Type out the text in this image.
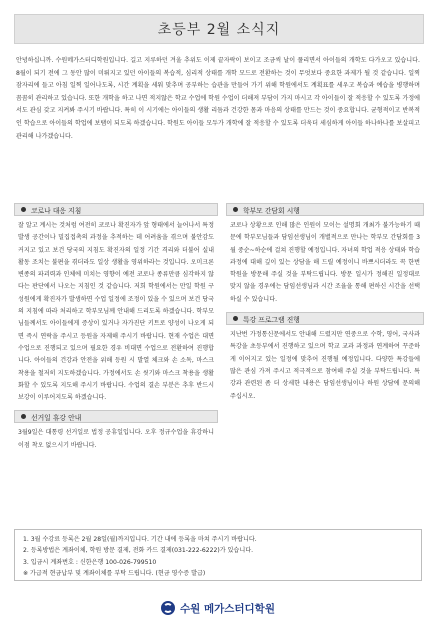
초등부 2월 소식지

안녕하십니까. 수원메가스터디학원입니다. 길고 지루하던 겨울 추위도 이제 끝자락이 보이고 조금씩 날이 풀리면서 아이들의 개학도 다가오고 있습니다. 8월이 되기 전에 그 동안 많이 미뤄지고 있던 아이들의 복습적, 심리적 상태를 개학 모드로 전환하는 것이 무엇보다 중요한 과제가 될 것 같습니다. 일찍 잠자리에 들고 아침 일찍 일어나도록, 시간 계획을 세워 맞추며 공부하는 습관을 만들어 가기 위해 학원에서도 계획표를 세우고 복습과 예습을 병행하며 꼼꼼히 관리하고 있습니다. 또한 개학을 하고 나면 적지않은 학교 수업에 학원 수업이 더해져 부담이 가지 마시고 각 아이들이 잘 적응할 수 있도록 가정에서도 관심 갖고 지켜봐 주시기 바랍니다. 특히 이 시기에는 아이들의 생활 리듬과 건강한 몸과 마음의 상태를 만드는 것이 중요합니다. 균형적이고 반복적인 학습으로 아이들의 학업에 보탬이 되도록 하겠습니다. 학원도 아이들 모두가 개학에 잘 적응할 수 있도록 더욱더 세심하게 아이들 하나하나를 보살피고 관리해 나가겠습니다.

코로나 대응 지침

잘 알고 계시는 것처럼 여전히 코로나 확진자가 앞 형태에서 늘어나서 특정 발생 공간이나 밀집접촉의 과정을 추적하는 데 어려움을 겪으며 불안감도 커지고 있고 보건 당국의 지침도 확진자의 일정 기간 격리와 더불어 실내 활동 조치는 불편을 겪더라도 일상 생활을 영위하라는 것입니다. 오미크론 변종의 파괴력과 인체에 미치는 영향이 예전 코로나 종류만큼 심각하지 않다는 판단에서 나오는 지침인 것 같습니다. 저희 학원에서는 만일 학원 구성원에게 확진자가 발생하면 수업 일정에 조정이 있을 수 있으며 보건 당국의 지침에 따라 처리하고 학부모님께 안내해 드리도록 하겠습니다. 학부모님들께서도 아이들에게 증상이 있거나 자가진단 키트로 양성이 나오게 되면 즉시 연락을 주시고 등원을 자제해 주시기 바랍니다. 현재 수업은 대면 수업으로 진행되고 있으며 필요한 경우 비대면 수업으로 전환하여 진행합니다. 아이들의 건강과 안전을 위해 등원 시 발열 체크와 손 소독, 마스크 착용을 철저히 지도하겠습니다. 가정에서도 손 씻기와 마스크 착용을 생활화할 수 있도록 지도해 주시기 바랍니다. 수업의 결손 부분은 추후 반드시 보강이 이루어지도록 하겠습니다.

선거일 휴강 안내

3월9일은 대통령 선거일로 법정 공휴일입니다. 오후 정규수업을 휴강하니 이점 착오 없으시기 바랍니다.

학부모 간담회 시행

코로나 상황으로 인해 많은 인원이 모이는 설명회 개최가 불가능하기 때문에 학부모님들과 담임선생님이 개별적으로 만나는 학부모 간담회를 3월 중순~하순에 걸쳐 진행할 예정입니다. 자녀의 학업 적응 상태와 학습 과정에 대해 깊이 있는 상담을 해 드릴 예정이니 바쁘시더라도 꼭 한번 학원을 방문해 주실 것을 부탁드립니다. 방문 일시가 정해진 일정대로 맞지 않을 경우에는 담임선생님과 시간 조율을 통해 편하신 시간을 선택하실 수 있습니다.

특강 프로그램 진행

지난번 가정통신문에서도 안내해 드렸지만 연중으로 수학, 영어, 국사과 특강을 초등부에서 진행하고 있으며 학교 교과 과정과 연계하여 꾸준하게 이어지고 있는 일정에 맞추어 진행될 예정입니다. 다양한 특강들에 많은 관심 가져 주시고 적극적으로 참여해 주실 것을 부탁드립니다. 특강과 관련된 좀 더 상세한 내용은 담임선생님이나 하원 상담에 문의해 주십시오.

1. 3월 수강료 등록은 2월 28일(월)까지입니다. 기간 내에 등록을 마쳐 주시기 바랍니다.
2. 등록방법은 계좌이체, 학원 방문 결제, 전화 카드 결제(031-222-6222)가 있습니다.
3. 입금시 계좌번호 : 신한은행 100-026-799510
※ 가급적 현금납부 및 계좌이체를 부탁 드립니다. (현금 영수증 발급)
수원 메가스터디학원
